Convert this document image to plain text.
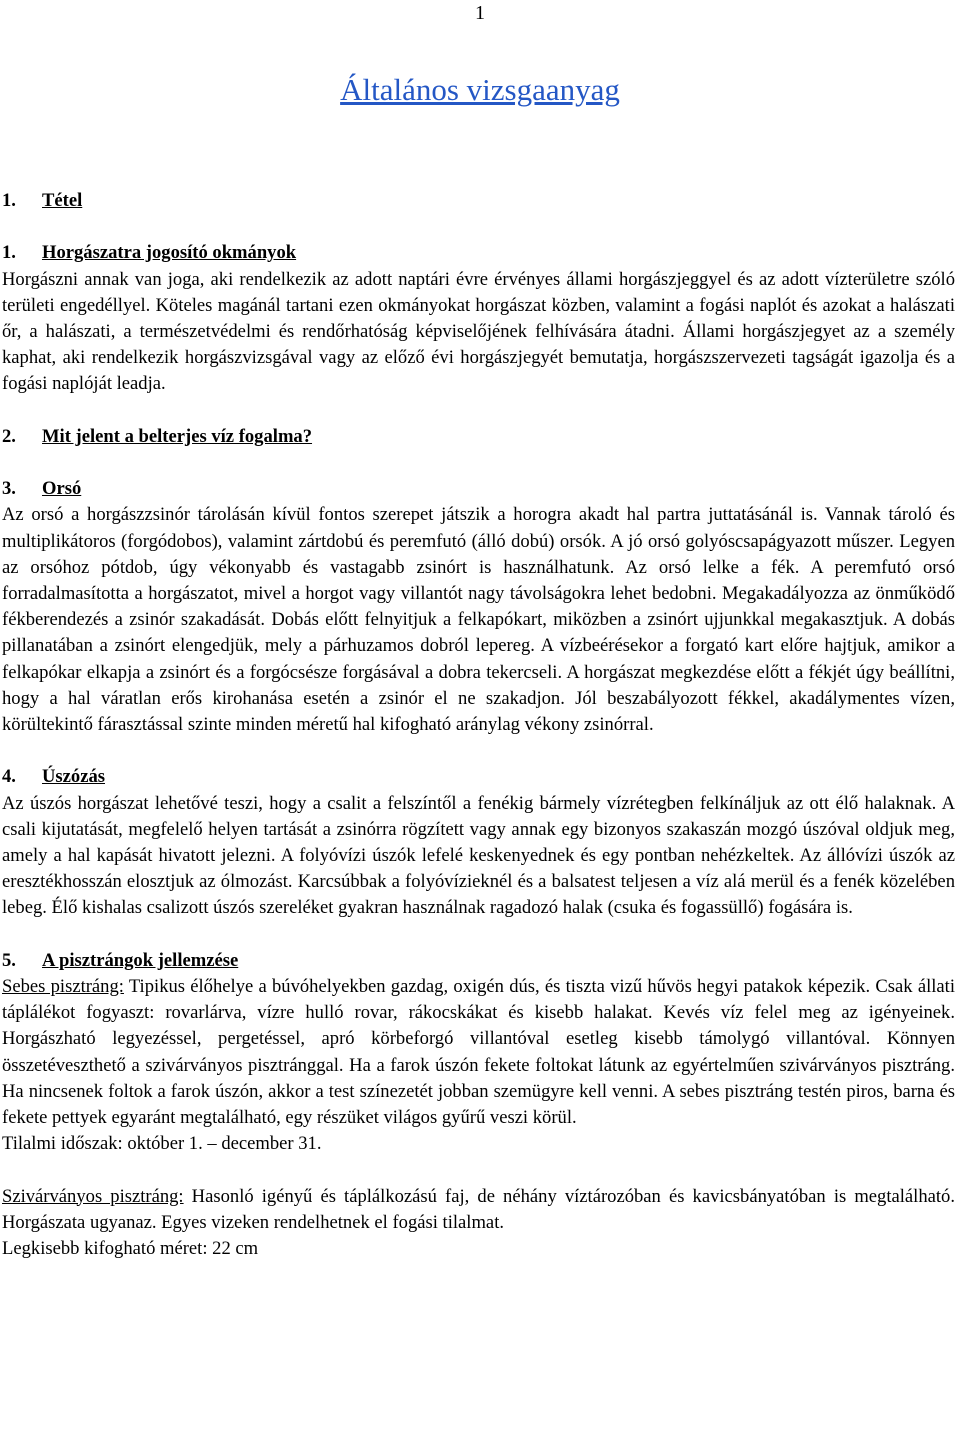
1
Általános vizsgaanyag

1. Tétel

1. Horgászatra jogosító okmányok

Horgászni annak van joga, aki rendelkezik az adott naptári évre érvényes állami horgászjeggyel és az adott vízterületre szóló területi engedéllyel. Köteles magánál tartani ezen okmányokat horgászat közben, valamint a fogási naplót és azokat a halászati őr, a halászati, a természetvédelmi és rendőrhatóság képviselőjének felhívására átadni. Állami horgászjegyet az a személy kaphat, aki rendelkezik horgászvizsgával vagy az előző évi horgászjegyét bemutatja, horgászszervezeti tagságát igazolja és a fogási naplóját leadja.

2. Mit jelent a belterjes víz fogalma?

3. Orsó

Az orsó a horgászzsinór tárolásán kívül fontos szerepet játszik a horogra akadt hal partra juttatásánál is. Vannak tároló és multiplikátoros (forgódobos), valamint zártdobú és peremfutó (álló dobú) orsók. A jó orsó golyóscsapágyazott műszer. Legyen az orsóhoz pótdob, úgy vékonyabb és vastagabb zsinórt is használhatunk. Az orsó lelke a fék. A peremfutó orsó forradalmasította a horgászatot, mivel a horgot vagy villantót nagy távolságokra lehet bedobni. Megakadályozza az önműködő fékberendezés a zsinór szakadását. Dobás előtt felnyitjuk a felkapókart, miközben a zsinórt ujjunkkal megakasztjuk. A dobás pillanatában a zsinórt elengedjük, mely a párhuzamos dobról lepereg. A vízbeérésekor a forgató kart előre hajtjuk, amikor a felkapókar elkapja a zsinórt és a forgócsésze forgásával a dobra tekercseli. A horgászat megkezdése előtt a fékjét úgy beállítni, hogy a hal váratlan erős kirohanása esetén a zsinór el ne szakadjon. Jól beszabályozott fékkel, akadálymentes vízen, körültekintő fárasztással szinte minden méretű hal kifogható aránylag vékony zsinórral.

4. Úszózás

Az úszós horgászat lehetővé teszi, hogy a csalit a felszíntől a fenékig bármely vízrétegben felkínáljuk az ott élő halaknak. A csali kijutatását, megfelelő helyen tartását a zsinórra rögzített vagy annak egy bizonyos szakaszán mozgó úszóval oldjuk meg, amely a hal kapását hivatott jelezni. A folyóvízi úszók lefelé keskenyednek és egy pontban nehézkeltek. Az állóvízi úszók az eresztékhosszán elosztjuk az ólmozást. Karcsúbbak a folyóvízieknél és a balsatest teljesen a víz alá merül és a fenék közelében lebeg. Élő kishalas csalizott úszós szereléket gyakran használnak ragadozó halak (csuka és fogassüllő) fogására is.

5. A pisztrángok jellemzése

Sebes pisztráng: Tipikus élőhelye a búvóhelyekben gazdag, oxigén dús, és tiszta vizű hűvös hegyi patakok képezik. Csak állati táplálékot fogyaszt: rovarlárva, vízre hulló rovar, rákocskákat és kisebb halakat. Kevés víz felel meg az igényeinek. Horgászható legyezéssel, pergetéssel, apró körbeforgó villantóval esetleg kisebb támolygó villantóval. Könnyen összetéveszthető a szivárványos pisztránggal. Ha a farok úszón fekete foltokat látunk az egyértelműen szivárványos pisztráng. Ha nincsenek foltok a farok úszón, akkor a test színezetét jobban szemügyre kell venni. A sebes pisztráng testén piros, barna és fekete pettyek egyaránt megtalálható, egy részüket világos gyűrű veszi körül.

Tilalmi időszak: október 1. – december 31.

Szivárványos pisztráng: Hasonló igényű és táplálkozású faj, de néhány víztározóban és kavicsbányatóban is megtalálható. Horgászata ugyanaz. Egyes vizeken rendelhetnek el fogási tilalmat.

Legkisebb kifogható méret: 22 cm
